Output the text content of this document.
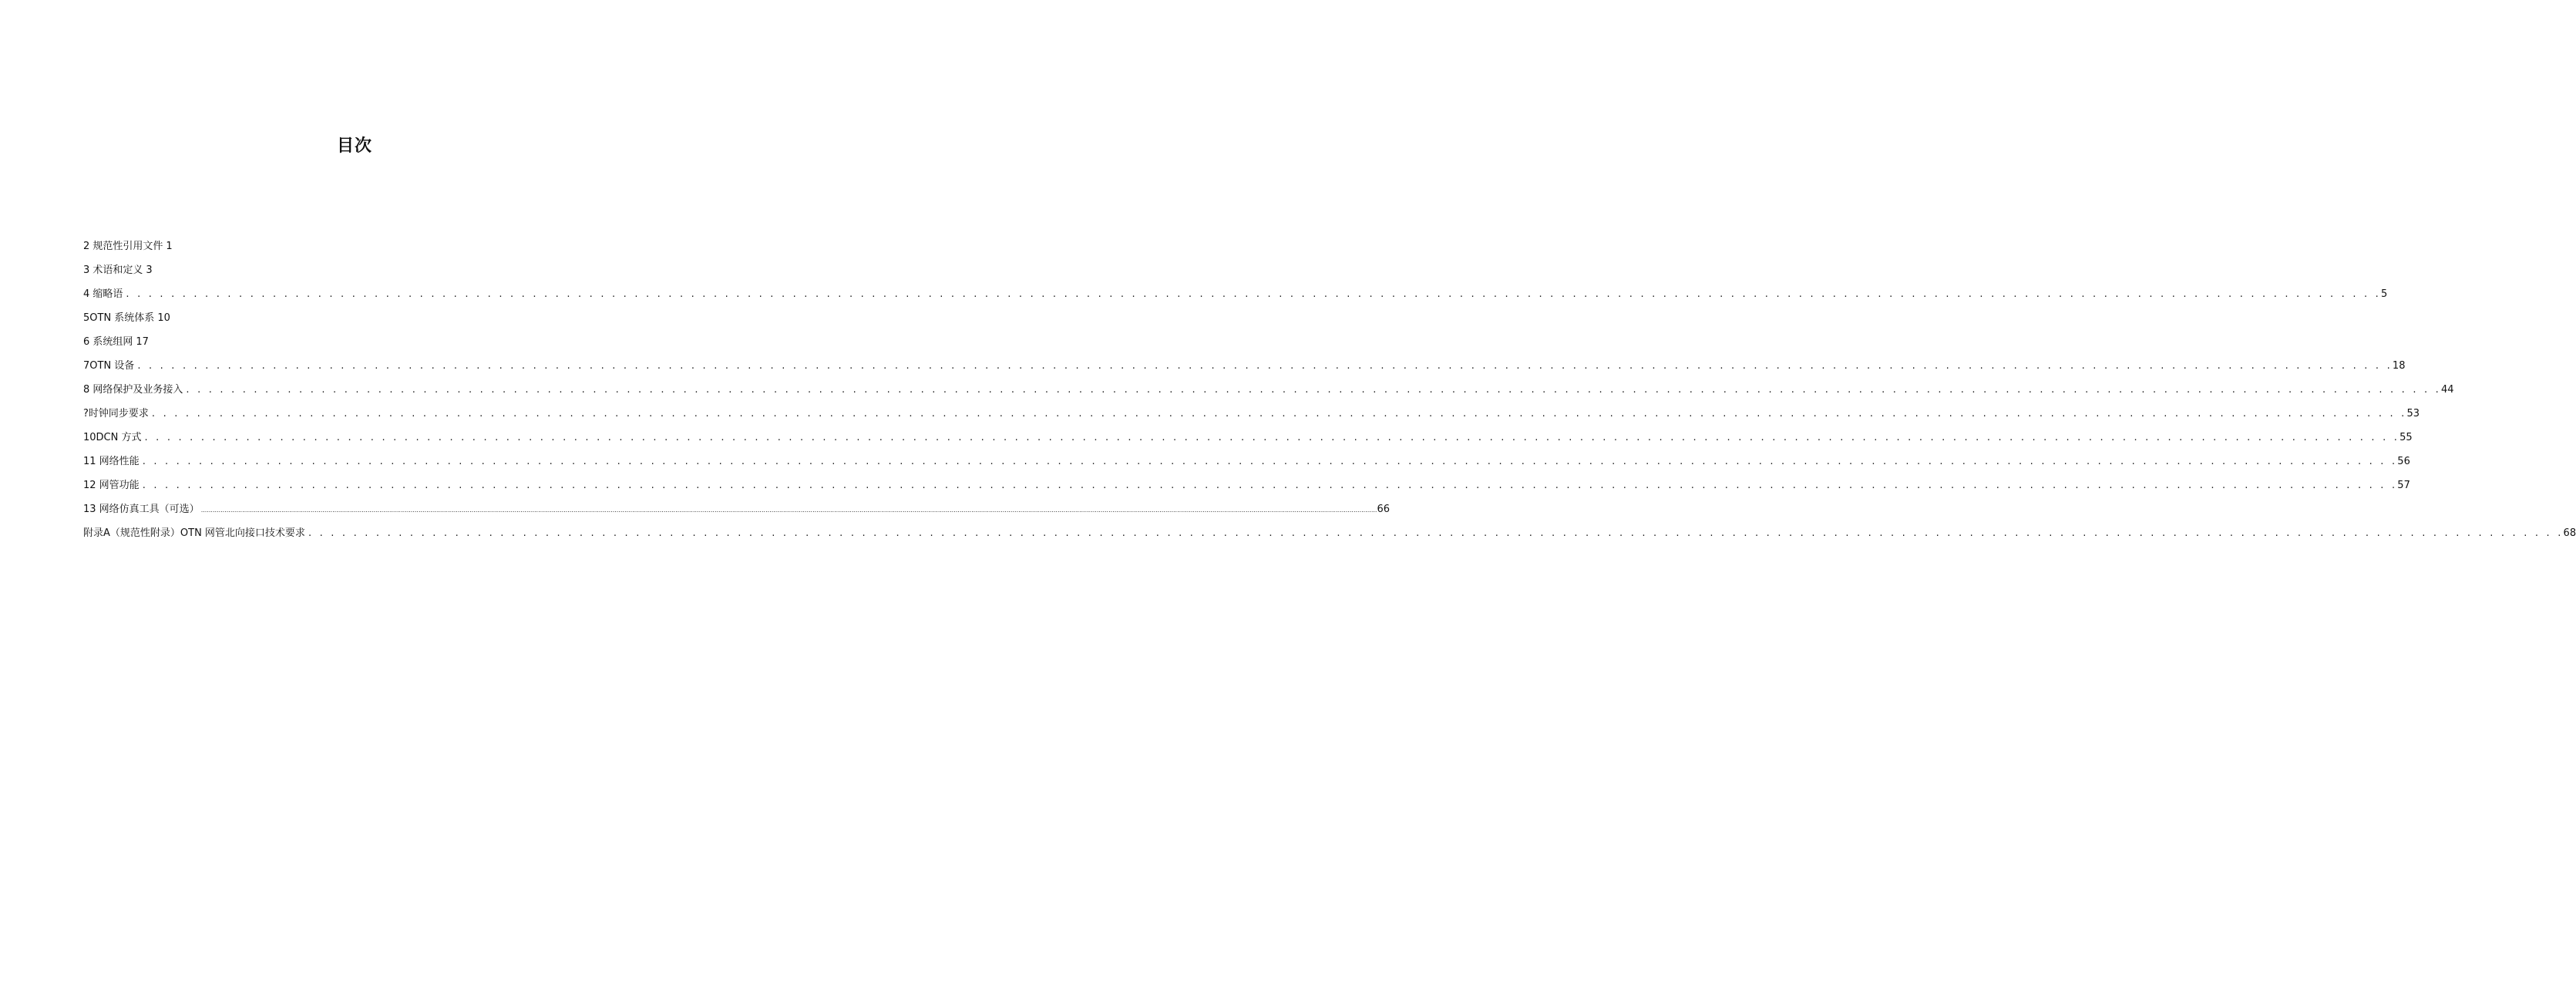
目次
2 规范性引用文件 1
3 术语和定义 3
4 缩略语 . . . . . . . . . . . . . . . . . . . . . . . . . . . . . . . . . . . . . . . . . . . . . . . . . . . . . . . . . . . . . . . . . . . . . . . . . . . . . . . . . . . . . . . . . . . . . . . . . . . . . . . . . . . . . . . . . . . . . . . . . . . . . . . . . . . . . . . . . . . . . . . . . . . . . . . . . . . . . . . . . . . . . . . . . . . . . . . . . . . . . . . . . . . . . . . . . . . . . . . . 5
5OTN 系统体系 10
6 系统组网 17
7OTN 设备 . . . . . . . . . . . . . . . . . . . . . . . . . . . . . . . . . . . . . . . . . . . . . . . . . . . . . . . . . . . . . . . . . . . . . . . . . . . . . . . . . . . . . . . . . . . . . . . . . . . . . . . . . . . . . . . . . . . . . . . . . . . . . . . . . . . . . . . . . . . . . . . . . . . . . . . . . . . . . . . . . . . . . . . . . . . . . . . . . . . . . . . . . . . . . . . . . . . . . . . . 18
8 网络保护及业务接入 . . . . . . . . . . . . . . . . . . . . . . . . . . . . . . . . . . . . . . . . . . . . . . . . . . . . . . . . . . . . . . . . . . . . . . . . . . . . . . . . . . . . . . . . . . . . . . . . . . . . . . . . . . . . . . . . . . . . . . . . . . . . . . . . . . . . . . . . . . . . . . . . . . . . . . . . . . . . . . . . . . . . . . . . . . . . . . . . . . . . . . . . . . . . . . . . . . . . . . . . 44
?时钟同步要求 . . . . . . . . . . . . . . . . . . . . . . . . . . . . . . . . . . . . . . . . . . . . . . . . . . . . . . . . . . . . . . . . . . . . . . . . . . . . . . . . . . . . . . . . . . . . . . . . . . . . . . . . . . . . . . . . . . . . . . . . . . . . . . . . . . . . . . . . . . . . . . . . . . . . . . . . . . . . . . . . . . . . . . . . . . . . . . . . . . . . . . . . . . . . . . . . . . . . . . . . 53
10DCN 方式 . . . . . . . . . . . . . . . . . . . . . . . . . . . . . . . . . . . . . . . . . . . . . . . . . . . . . . . . . . . . . . . . . . . . . . . . . . . . . . . . . . . . . . . . . . . . . . . . . . . . . . . . . . . . . . . . . . . . . . . . . . . . . . . . . . . . . . . . . . . . . . . . . . . . . . . . . . . . . . . . . . . . . . . . . . . . . . . . . . . . . . . . . . . . . . . . . . . . . . . . 55
11 网络性能 . . . . . . . . . . . . . . . . . . . . . . . . . . . . . . . . . . . . . . . . . . . . . . . . . . . . . . . . . . . . . . . . . . . . . . . . . . . . . . . . . . . . . . . . . . . . . . . . . . . . . . . . . . . . . . . . . . . . . . . . . . . . . . . . . . . . . . . . . . . . . . . . . . . . . . . . . . . . . . . . . . . . . . . . . . . . . . . . . . . . . . . . . . . . . . . . . . . . . . . . 56
12 网管功能 . . . . . . . . . . . . . . . . . . . . . . . . . . . . . . . . . . . . . . . . . . . . . . . . . . . . . . . . . . . . . . . . . . . . . . . . . . . . . . . . . . . . . . . . . . . . . . . . . . . . . . . . . . . . . . . . . . . . . . . . . . . . . . . . . . . . . . . . . . . . . . . . . . . . . . . . . . . . . . . . . . . . . . . . . . . . . . . . . . . . . . . . . . . . . . . . . . . . . . . . 57
13 网络仿真工具（可选） ........................................................................................................................................................................................................................................................................................................................................................................................................................................................................................................................................................................................................................ 66
附录A（规范性附录）OTN 网管北向接口技术要求 . . . . . . . . . . . . . . . . . . . . . . . . . . . . . . . . . . . . . . . . . . . . . . . . . . . . . . . . . . . . . . . . . . . . . . . . . . . . . . . . . . . . . . . . . . . . . . . . . . . . . . . . . . . . . . . . . . . . . . . . . . . . . . . . . . . . . . . . . . . . . . . . . . . . . . . . . . . . . . . . . . . . . . . . . . . . . . . . . . . . . . . . . . . . . . . . . . . . . . . . 68
